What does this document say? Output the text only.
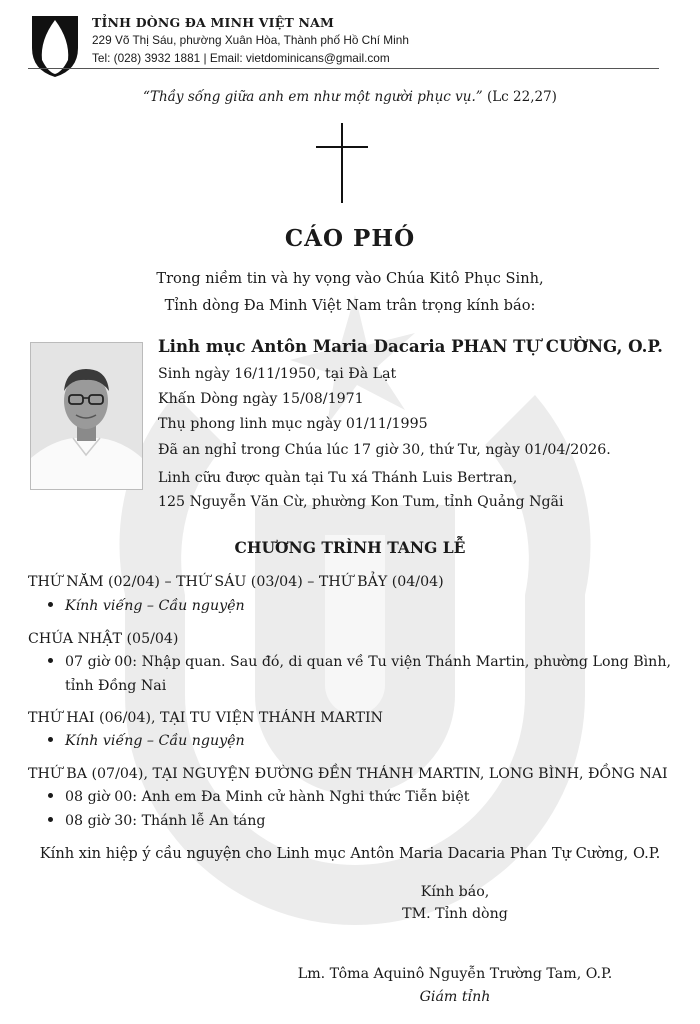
TỈNH DÒNG ĐA MINH VIỆT NAM
229 Võ Thị Sáu, phường Xuân Hòa, Thành phố Hồ Chí Minh
Tel: (028) 3932 1881 | Email: vietdominicans@gmail.com
“Thầy sống giữa anh em như một người phục vụ.” (Lc 22,27)
CÁO PHÓ
Trong niềm tin và hy vọng vào Chúa Kitô Phục Sinh,
Tỉnh dòng Đa Minh Việt Nam trân trọng kính báo:
Linh mục Antôn Maria Dacaria PHAN TỰ CƯỜNG, O.P.
Sinh ngày 16/11/1950, tại Đà Lạt
Khấn Dòng ngày 15/08/1971
Thụ phong linh mục ngày 01/11/1995
Đã an nghỉ trong Chúa lúc 17 giờ 30, thứ Tư, ngày 01/04/2026.
Linh cữu được quàn tại Tu xá Thánh Luis Bertran,
125 Nguyễn Văn Cừ, phường Kon Tum, tỉnh Quảng Ngãi
CHƯƠNG TRÌNH TANG LỄ
THỨ NĂM (02/04) – THỨ SÁU (03/04) – THỨ BẢY (04/04)
Kính viếng – Cầu nguyện
CHÚA NHẬT (05/04)
07 giờ 00: Nhập quan. Sau đó, di quan về Tu viện Thánh Martin, phường Long Bình,
tỉnh Đồng Nai
THỨ HAI (06/04), TẠI TU VIỆN THÁNH MARTIN
Kính viếng – Cầu nguyện
THỨ BA (07/04), TẠI NGUYỆN ĐƯỜNG ĐỀN THÁNH MARTIN, LONG BÌNH, ĐỒNG NAI
08 giờ 00: Anh em Đa Minh cử hành Nghi thức Tiễn biệt
08 giờ 30: Thánh lễ An táng
Kính xin hiệp ý cầu nguyện cho Linh mục Antôn Maria Dacaria Phan Tự Cường, O.P.
Kính báo,
TM. Tỉnh dòng
Lm. Tôma Aquinô Nguyễn Trường Tam, O.P.
Giám tỉnh
